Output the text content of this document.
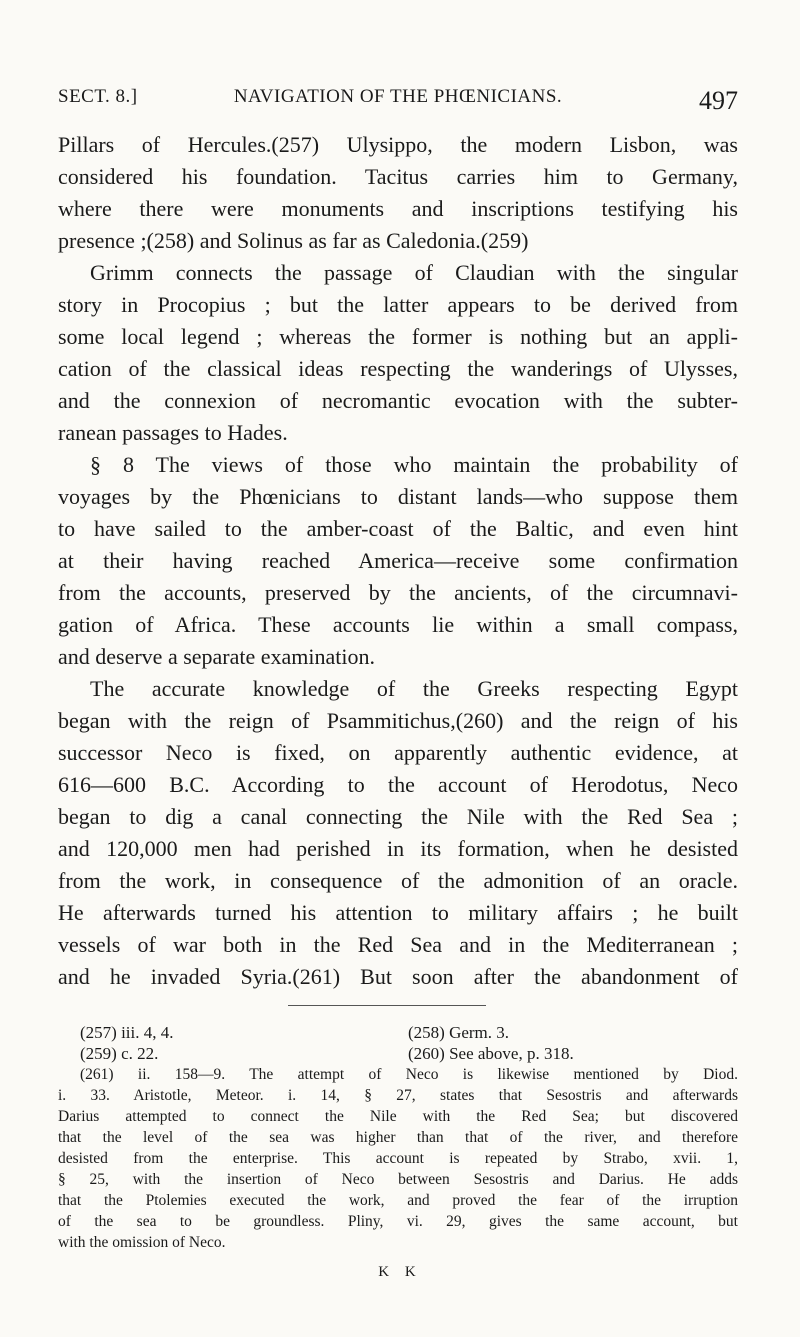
SECT. 8.]	NAVIGATION OF THE PHŒNICIANS.	497
Pillars of Hercules.(257) Ulysippo, the modern Lisbon, was
considered his foundation. Tacitus carries him to Germany,
where there were monuments and inscriptions testifying his
presence ;(258) and Solinus as far as Caledonia.(259)
Grimm connects the passage of Claudian with the singular
story in Procopius ; but the latter appears to be derived from
some local legend ; whereas the former is nothing but an appli-
cation of the classical ideas respecting the wanderings of Ulysses,
and the connexion of necromantic evocation with the subter-
ranean passages to Hades.
§ 8 The views of those who maintain the probability of
voyages by the Phœnicians to distant lands—who suppose them
to have sailed to the amber-coast of the Baltic, and even hint
at their having reached America—receive some confirmation
from the accounts, preserved by the ancients, of the circumnavi-
gation of Africa. These accounts lie within a small compass,
and deserve a separate examination.
The accurate knowledge of the Greeks respecting Egypt
began with the reign of Psammitichus,(260) and the reign of his
successor Neco is fixed, on apparently authentic evidence, at
616—600 B.C. According to the account of Herodotus, Neco
began to dig a canal connecting the Nile with the Red Sea ;
and 120,000 men had perished in its formation, when he desisted
from the work, in consequence of the admonition of an oracle.
He afterwards turned his attention to military affairs ; he built
vessels of war both in the Red Sea and in the Mediterranean ;
and he invaded Syria.(261) But soon after the abandonment of
(257) iii. 4, 4.	(258) Germ. 3.
(259) c. 22.	(260) See above, p. 318.
(261) ii. 158—9. The attempt of Neco is likewise mentioned by Diod.
i. 33. Aristotle, Meteor. i. 14, § 27, states that Sesostris and afterwards
Darius attempted to connect the Nile with the Red Sea; but discovered
that the level of the sea was higher than that of the river, and therefore
desisted from the enterprise. This account is repeated by Strabo, xvii. 1,
§ 25, with the insertion of Neco between Sesostris and Darius. He adds
that the Ptolemies executed the work, and proved the fear of the irruption
of the sea to be groundless. Pliny, vi. 29, gives the same account, but
with the omission of Neco.
K K
